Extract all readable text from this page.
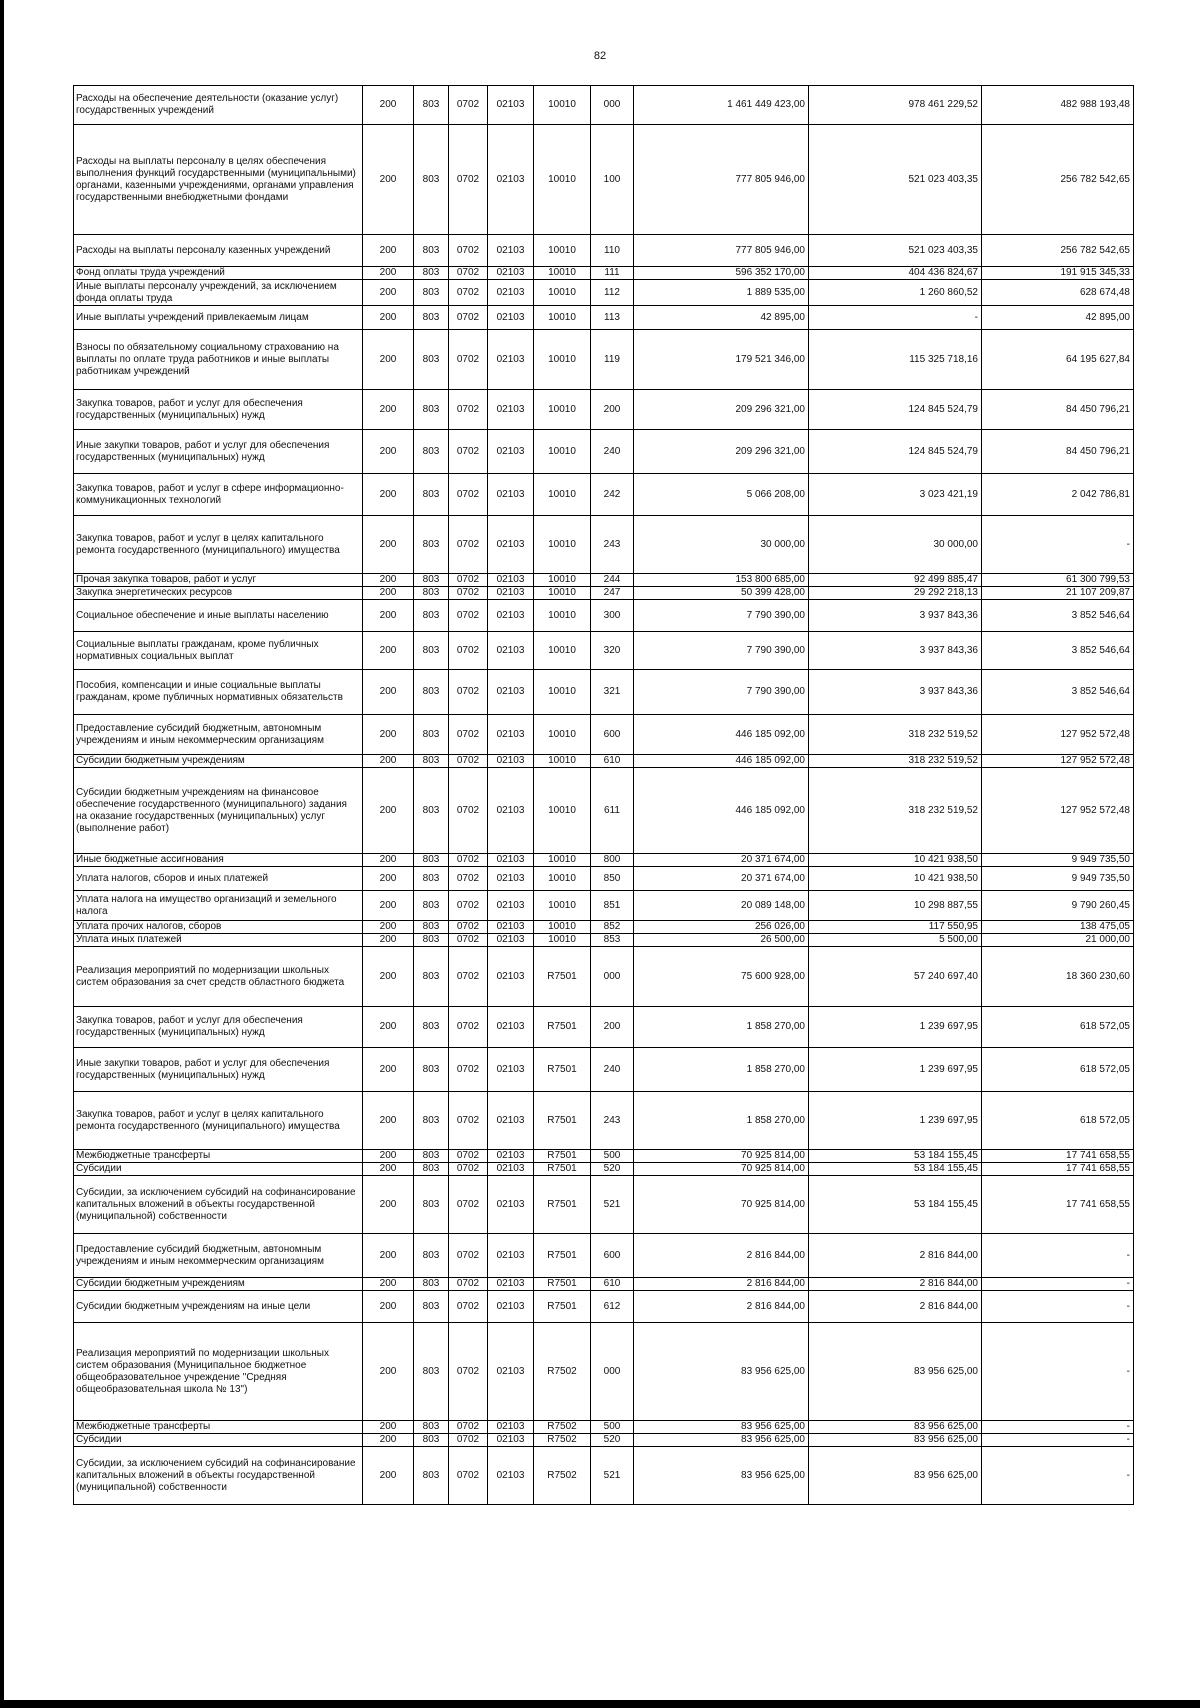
82
Расходы на обеспечение деятельности (оказание услуг) государственных учреждений	200	803	0702	02103	10010	000	1 461 449 423,00	978 461 229,52	482 988 193,48
Расходы на выплаты персоналу в целях обеспечения выполнения функций государственными (муниципальными) органами, казенными учреждениями, органами управления государственными внебюджетными фондами	200	803	0702	02103	10010	100	777 805 946,00	521 023 403,35	256 782 542,65
Расходы на выплаты персоналу казенных учреждений	200	803	0702	02103	10010	110	777 805 946,00	521 023 403,35	256 782 542,65
Фонд оплаты труда учреждений	200	803	0702	02103	10010	111	596 352 170,00	404 436 824,67	191 915 345,33
Иные выплаты персоналу учреждений, за исключением фонда оплаты труда	200	803	0702	02103	10010	112	1 889 535,00	1 260 860,52	628 674,48
Иные выплаты учреждений привлекаемым лицам	200	803	0702	02103	10010	113	42 895,00	-	42 895,00
Взносы по обязательному социальному страхованию на выплаты по оплате труда работников и иные выплаты работникам учреждений	200	803	0702	02103	10010	119	179 521 346,00	115 325 718,16	64 195 627,84
Закупка товаров, работ и услуг для обеспечения государственных (муниципальных) нужд	200	803	0702	02103	10010	200	209 296 321,00	124 845 524,79	84 450 796,21
Иные закупки товаров, работ и услуг для обеспечения государственных (муниципальных) нужд	200	803	0702	02103	10010	240	209 296 321,00	124 845 524,79	84 450 796,21
Закупка товаров, работ и услуг в сфере информационно-коммуникационных технологий	200	803	0702	02103	10010	242	5 066 208,00	3 023 421,19	2 042 786,81
Закупка товаров, работ и услуг в целях капитального ремонта государственного (муниципального) имущества	200	803	0702	02103	10010	243	30 000,00	30 000,00	-
Прочая закупка товаров, работ и услуг	200	803	0702	02103	10010	244	153 800 685,00	92 499 885,47	61 300 799,53
Закупка энергетических ресурсов	200	803	0702	02103	10010	247	50 399 428,00	29 292 218,13	21 107 209,87
Социальное обеспечение и иные выплаты населению	200	803	0702	02103	10010	300	7 790 390,00	3 937 843,36	3 852 546,64
Социальные выплаты гражданам, кроме публичных нормативных социальных выплат	200	803	0702	02103	10010	320	7 790 390,00	3 937 843,36	3 852 546,64
Пособия, компенсации и иные социальные выплаты гражданам, кроме публичных нормативных обязательств	200	803	0702	02103	10010	321	7 790 390,00	3 937 843,36	3 852 546,64
Предоставление субсидий бюджетным, автономным учреждениям и иным некоммерческим организациям	200	803	0702	02103	10010	600	446 185 092,00	318 232 519,52	127 952 572,48
Субсидии бюджетным учреждениям	200	803	0702	02103	10010	610	446 185 092,00	318 232 519,52	127 952 572,48
Субсидии бюджетным учреждениям на финансовое обеспечение государственного (муниципального) задания на оказание государственных (муниципальных) услуг (выполнение работ)	200	803	0702	02103	10010	611	446 185 092,00	318 232 519,52	127 952 572,48
Иные бюджетные ассигнования	200	803	0702	02103	10010	800	20 371 674,00	10 421 938,50	9 949 735,50
Уплата налогов, сборов и иных платежей	200	803	0702	02103	10010	850	20 371 674,00	10 421 938,50	9 949 735,50
Уплата налога на имущество организаций и земельного налога	200	803	0702	02103	10010	851	20 089 148,00	10 298 887,55	9 790 260,45
Уплата прочих налогов, сборов	200	803	0702	02103	10010	852	256 026,00	117 550,95	138 475,05
Уплата иных платежей	200	803	0702	02103	10010	853	26 500,00	5 500,00	21 000,00
Реализация мероприятий по модернизации школьных систем образования за счет средств областного бюджета	200	803	0702	02103	R7501	000	75 600 928,00	57 240 697,40	18 360 230,60
Закупка товаров, работ и услуг для обеспечения государственных (муниципальных) нужд	200	803	0702	02103	R7501	200	1 858 270,00	1 239 697,95	618 572,05
Иные закупки товаров, работ и услуг для обеспечения государственных (муниципальных) нужд	200	803	0702	02103	R7501	240	1 858 270,00	1 239 697,95	618 572,05
Закупка товаров, работ и услуг в целях капитального ремонта государственного (муниципального) имущества	200	803	0702	02103	R7501	243	1 858 270,00	1 239 697,95	618 572,05
Межбюджетные трансферты	200	803	0702	02103	R7501	500	70 925 814,00	53 184 155,45	17 741 658,55
Субсидии	200	803	0702	02103	R7501	520	70 925 814,00	53 184 155,45	17 741 658,55
Субсидии, за исключением субсидий на софинансирование капитальных вложений в объекты государственной (муниципальной) собственности	200	803	0702	02103	R7501	521	70 925 814,00	53 184 155,45	17 741 658,55
Предоставление субсидий бюджетным, автономным учреждениям и иным некоммерческим организациям	200	803	0702	02103	R7501	600	2 816 844,00	2 816 844,00	-
Субсидии бюджетным учреждениям	200	803	0702	02103	R7501	610	2 816 844,00	2 816 844,00	-
Субсидии бюджетным учреждениям на иные цели	200	803	0702	02103	R7501	612	2 816 844,00	2 816 844,00	-
Реализация мероприятий по модернизации школьных систем образования (Муниципальное бюджетное общеобразовательное учреждение "Средняя общеобразовательная школа № 13")	200	803	0702	02103	R7502	000	83 956 625,00	83 956 625,00	-
Межбюджетные трансферты	200	803	0702	02103	R7502	500	83 956 625,00	83 956 625,00	-
Субсидии	200	803	0702	02103	R7502	520	83 956 625,00	83 956 625,00	-
Субсидии, за исключением субсидий на софинансирование капитальных вложений в объекты государственной (муниципальной) собственности	200	803	0702	02103	R7502	521	83 956 625,00	83 956 625,00	-
